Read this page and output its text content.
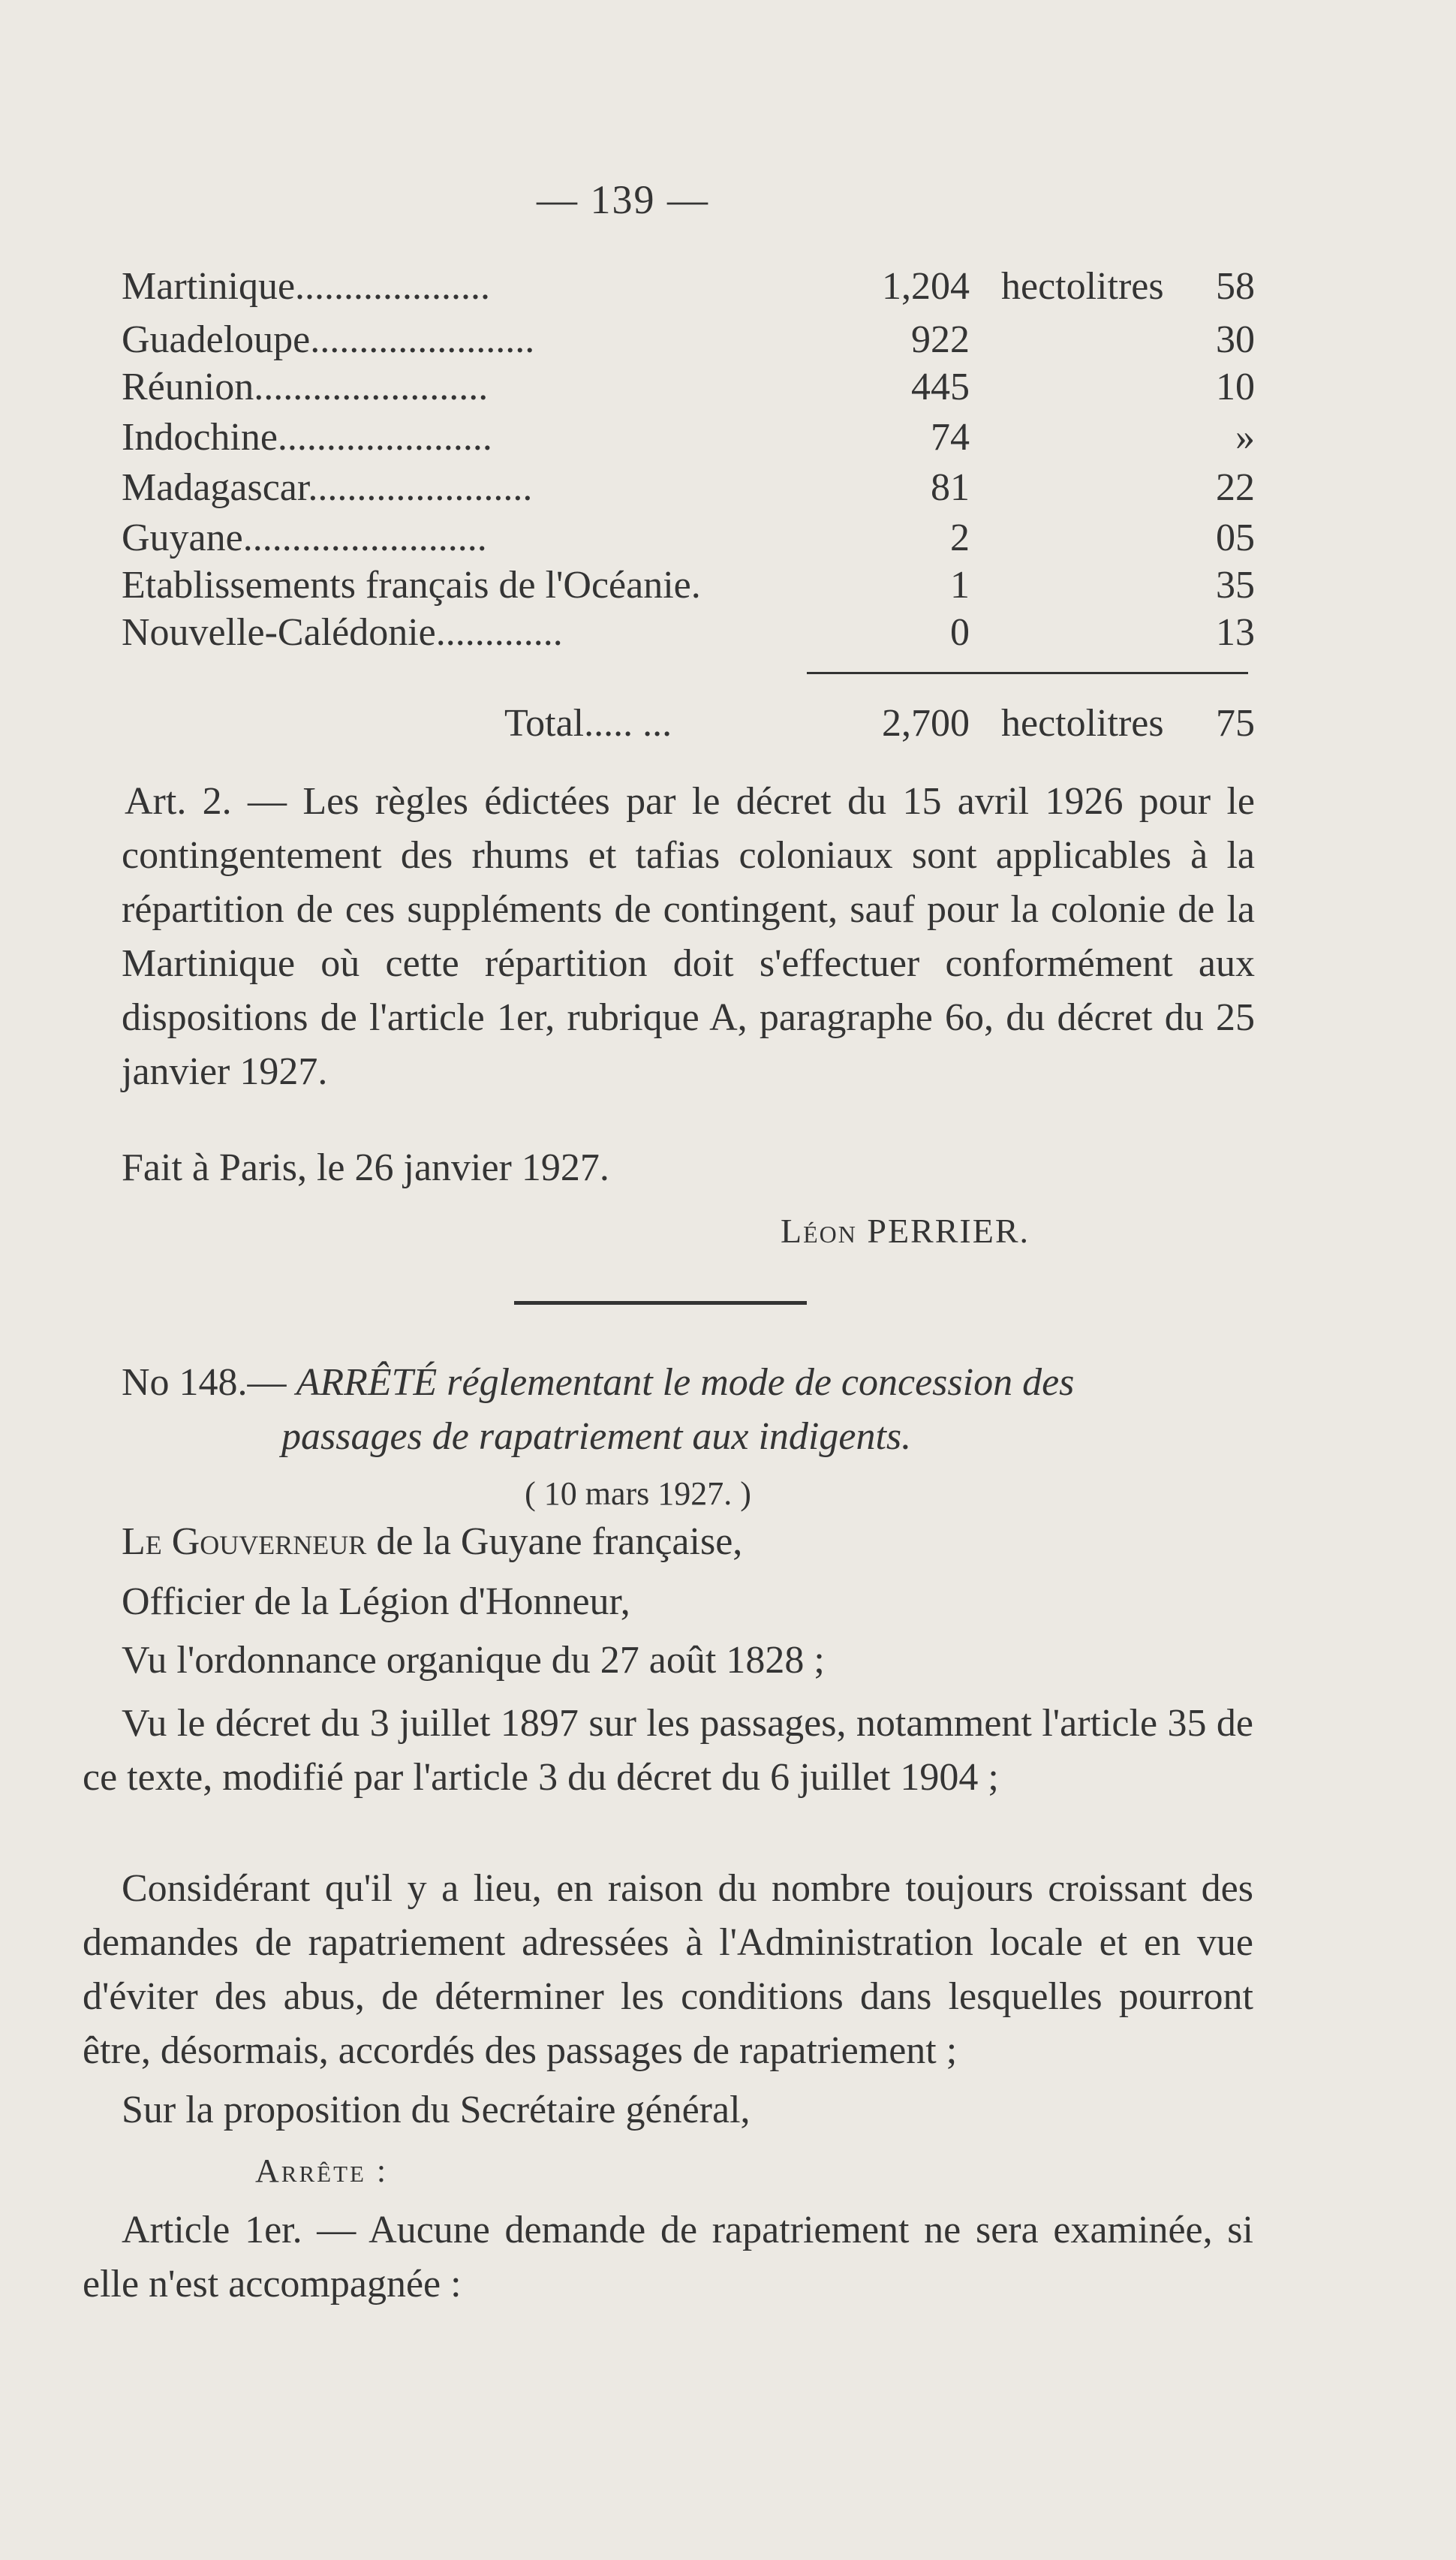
— 139 —
Martinique....................	1,204 hectolitres 58
Guadeloupe.......................	922	30
Réunion........................	445	10
Indochine......................	74	»
Madagascar.......................	81	22
Guyane.........................	2	05
Etablissements français de l'Océanie.	1	35
Nouvelle-Calédonie.............	0	13
Total..... ...	2,700 hectolitres 75
Art. 2. — Les règles édictées par le décret du 15 avril 1926 pour le contingentement des rhums et tafias coloniaux sont applicables à la répartition de ces suppléments de contingent, sauf pour la colonie de la Martinique où cette répartition doit s'effectuer conformément aux dispositions de l'article 1er, rubrique A, paragraphe 6o, du décret du 25 janvier 1927.
Fait à Paris, le 26 janvier 1927.
Léon PERRIER.
No 148.— ARRÊTÉ réglementant le mode de concession des
passages de rapatriement aux indigents.
( 10 mars 1927. )
Le Gouverneur de la Guyane française,
Officier de la Légion d'Honneur,
Vu l'ordonnance organique du 27 août 1828 ;
Vu le décret du 3 juillet 1897 sur les passages, notamment l'article 35 de ce texte, modifié par l'article 3 du décret du 6 juillet 1904 ;
Considérant qu'il y a lieu, en raison du nombre toujours croissant des demandes de rapatriement adressées à l'Administration locale et en vue d'éviter des abus, de déterminer les conditions dans lesquelles pourront être, désormais, accordés des passages de rapatriement ;
Sur la proposition du Secrétaire général,
Arrête :
Article 1er. — Aucune demande de rapatriement ne sera examinée, si elle n'est accompagnée :
